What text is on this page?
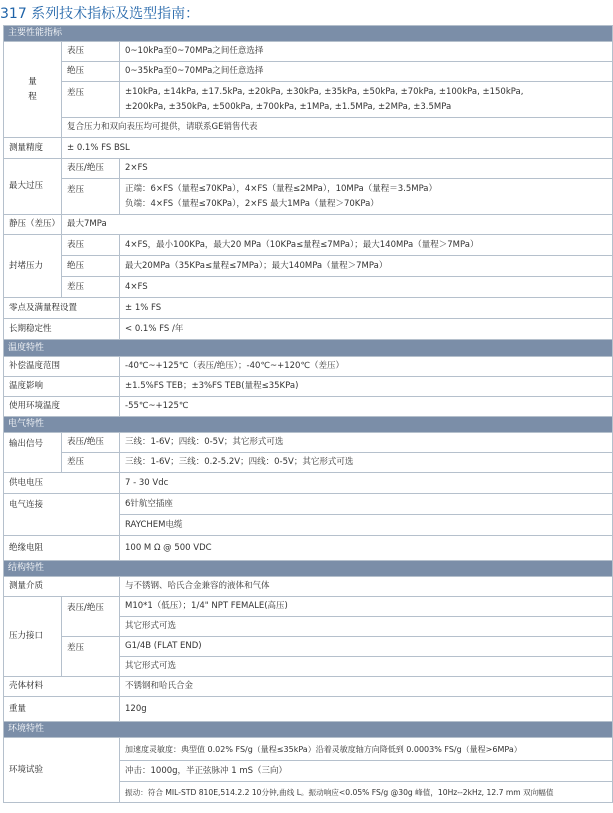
317 系列技术指标及选型指南：
主要性能指标		
量
程	表压	0~10kPa至0~70MPa之间任意选择
	绝压	0~35kPa至0~70MPa之间任意选择
	差压	±10kPa, ±14kPa, ±17.5kPa, ±20kPa, ±30kPa, ±35kPa, ±50kPa, ±70kPa, ±100kPa, ±150kPa,
±200kPa, ±350kPa, ±500kPa, ±700kPa, ±1MPa, ±1.5MPa, ±2MPa, ±3.5MPa
	复合压力和双向表压均可提供，请联系GE销售代表	
测量精度	± 0.1% FS BSL	
最大过压	表压/绝压	2×FS
	差压	正端：6×FS（量程≤70KPa），4×FS（量程≤2MPa），10MPa（量程＝3.5MPa）
负端：4×FS（量程≤70KPa），2×FS 最大1MPa（量程＞70KPa）
静压（差压）	最大7MPa	
封堵压力	表压	4×FS，最小100KPa，最大20 MPa（10KPa≤量程≤7MPa）；最大140MPa（量程＞7MPa）
	绝压	最大20MPa（35KPa≤量程≤7MPa）；最大140MPa（量程＞7MPa）
	差压	4×FS
零点及满量程设置		± 1% FS
长期稳定性		< 0.1% FS /年
温度特性		
补偿温度范围		-40℃~+125℃（表压/绝压）；-40℃~+120℃（差压）
温度影响		±1.5%FS TEB；±3%FS TEB(量程≤35KPa)
使用环境温度		-55℃~+125℃
电气特性		
输出信号	表压/绝压	三线：1-6V；四线：0-5V；其它形式可选
	差压	三线：1-6V；三线：0.2-5.2V；四线：0-5V；其它形式可选
供电电压		7 - 30 Vdc
电气连接		6针航空插座
		RAYCHEM电缆
绝缘电阻		100 M Ω @ 500 VDC
结构特性		
测量介质		与不锈钢、哈氏合金兼容的液体和气体
压力接口	表压/绝压	M10*1（低压）；1/4" NPT FEMALE(高压)
		其它形式可选
	差压	G1/4B (FLAT END)
		其它形式可选
壳体材料		不锈钢和哈氏合金
重量		120g
环境特性		
环境试验		加速度灵敏度：典型值 0.02% FS/g（量程≤35kPa）沿着灵敏度轴方向降低到 0.0003% FS/g（量程>6MPa）
		冲击：1000g，半正弦脉冲 1 mS（三向）
		振动：符合 MIL-STD 810E,514.2.2 10分钟,曲线 L。振动响应<0.05% FS/g @30g 峰值，10Hz--2kHz, 12.7 mm 双向幅值
